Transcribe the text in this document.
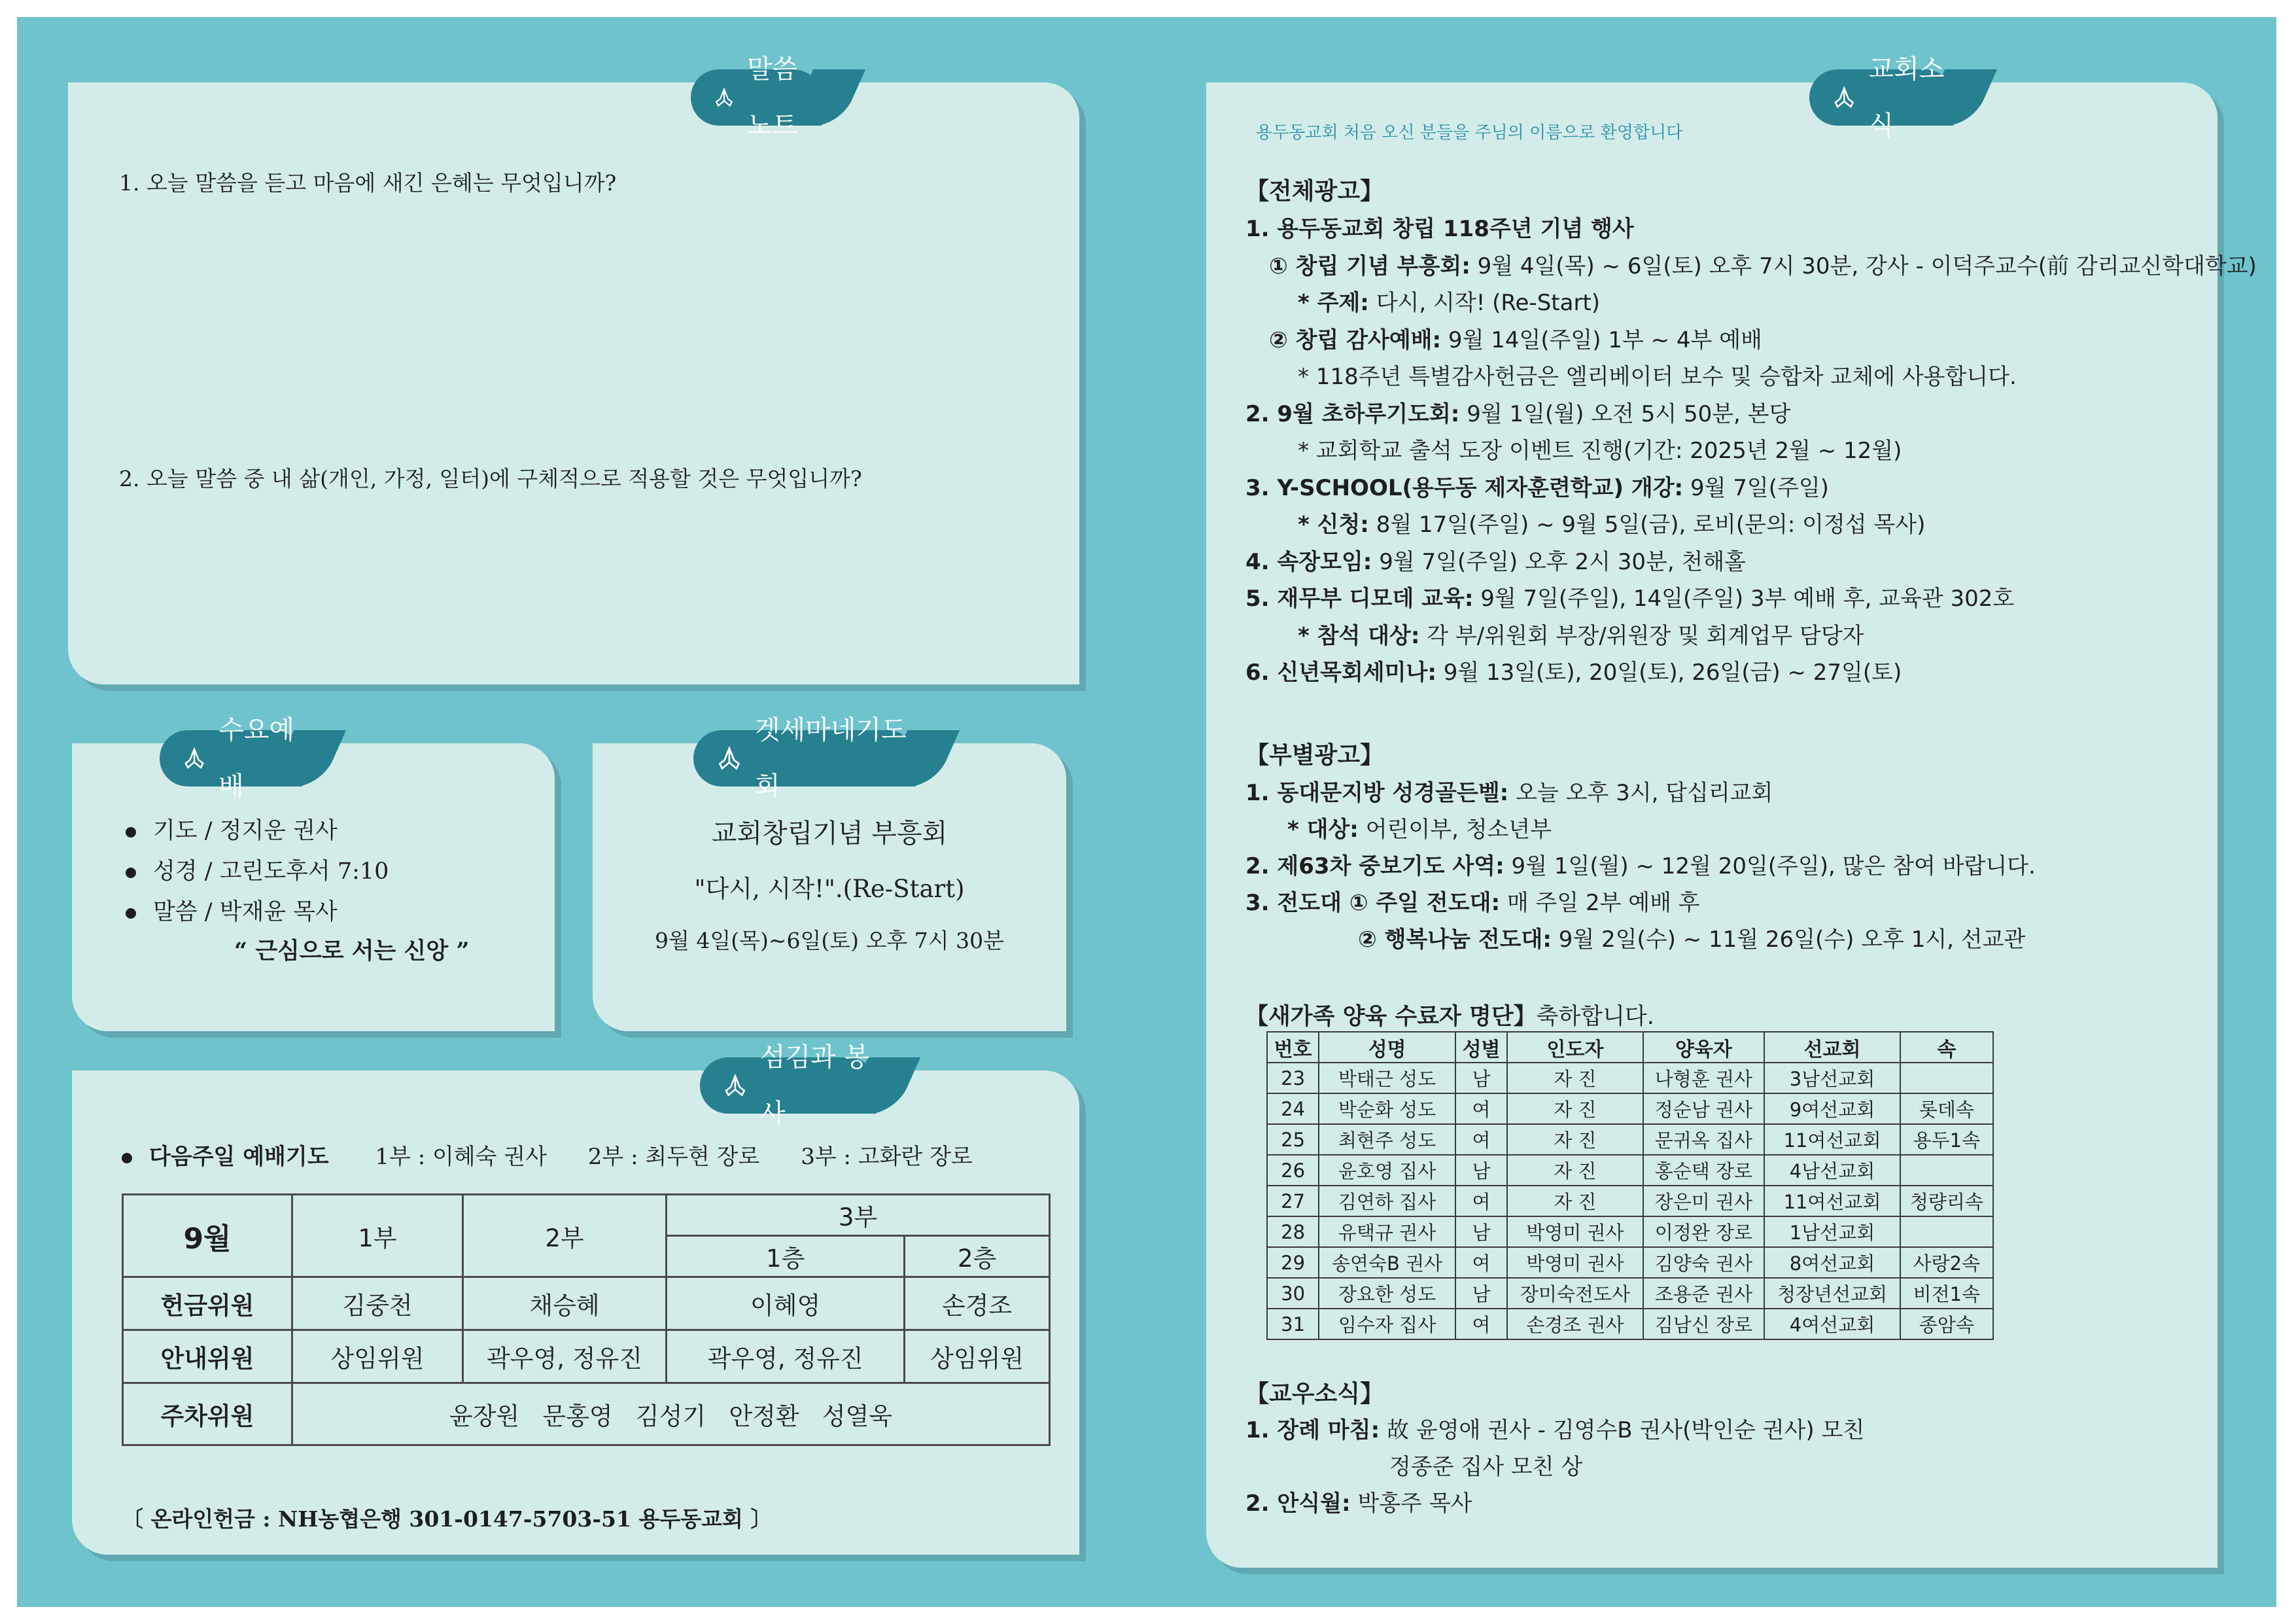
1. 오늘 말씀을 듣고 마음에 새긴 은혜는 무엇입니까?
2. 오늘 말씀 중 내 삶(개인, 가정, 일터)에 구체적으로 적용할 것은 무엇입니까?
말씀노트
기도 / 정지운 권사
성경 / 고린도후서 7:10
말씀 / 박재윤 목사
“ 근심으로 서는 신앙 ”
수요예배
교회창립기념 부흥회
"다시, 시작!".(Re-Start)
9월 4일(목)~6일(토) 오후 7시 30분
겟세마네기도회
다음주일 예배기도 1부 : 이혜숙 권사 2부 : 최두현 장로 3부 : 고화란 장로
9월	1부	2부	3부	
			1층	2층
헌금위원	김중천	채승혜	이혜영	손경조
안내위원	상임위원	곽우영, 정유진	곽우영, 정유진	상임위원
주차위원	윤장원   문홍영   김성기   안정환   성열욱			
〔 온라인헌금 : NH농협은행 301-0147-5703-51 용두동교회 〕
섬김과 봉사
용두동교회 처음 오신 분들을 주님의 이름으로 환영합니다
【전체광고】
1. 용두동교회 창립 118주년 기념 행사
① 창립 기념 부흥회: 9월 4일(목) ~ 6일(토) 오후 7시 30분, 강사 - 이덕주교수(前 감리교신학대학교)
* 주제: 다시, 시작! (Re-Start)
② 창립 감사예배: 9월 14일(주일) 1부 ~ 4부 예배
* 118주년 특별감사헌금은 엘리베이터 보수 및 승합차 교체에 사용합니다.
2. 9월 초하루기도회: 9월 1일(월) 오전 5시 50분, 본당
* 교회학교 출석 도장 이벤트 진행(기간: 2025년 2월 ~ 12월)
3. Y-SCHOOL(용두동 제자훈련학교) 개강: 9월 7일(주일)
* 신청: 8월 17일(주일) ~ 9월 5일(금), 로비(문의: 이정섭 목사)
4. 속장모임: 9월 7일(주일) 오후 2시 30분, 천해홀
5. 재무부 디모데 교육: 9월 7일(주일), 14일(주일) 3부 예배 후, 교육관 302호
* 참석 대상: 각 부/위원회 부장/위원장 및 회계업무 담당자
6. 신년목회세미나: 9월 13일(토), 20일(토), 26일(금) ~ 27일(토)
【부별광고】
1. 동대문지방 성경골든벨: 오늘 오후 3시, 답십리교회
* 대상: 어린이부, 청소년부
2. 제63차 중보기도 사역: 9월 1일(월) ~ 12월 20일(주일), 많은 참여 바랍니다.
3. 전도대 ① 주일 전도대: 매 주일 2부 예배 후
② 행복나눔 전도대: 9월 2일(수) ~ 11월 26일(수) 오후 1시, 선교관
【새가족 양육 수료자 명단】축하합니다.
번호	성명	성별	인도자	양육자	선교회	속
23	박태근 성도	남	자 진	나형훈 권사	3남선교회	
24	박순화 성도	여	자 진	정순남 권사	9여선교회	롯데속
25	최현주 성도	여	자 진	문귀옥 집사	11여선교회	용두1속
26	윤호영 집사	남	자 진	홍순택 장로	4남선교회	
27	김연하 집사	여	자 진	장은미 권사	11여선교회	청량리속
28	유택규 권사	남	박영미 권사	이정완 장로	1남선교회	
29	송연숙B 권사	여	박영미 권사	김양숙 권사	8여선교회	사랑2속
30	장요한 성도	남	장미숙전도사	조용준 권사	청장년선교회	비전1속
31	임수자 집사	여	손경조 권사	김남신 장로	4여선교회	종암속
【교우소식】
1. 장례 마침: 故 윤영애 권사 - 김영수B 권사(박인순 권사) 모친
정종준 집사 모친 상
2. 안식월: 박홍주 목사
교회소식
